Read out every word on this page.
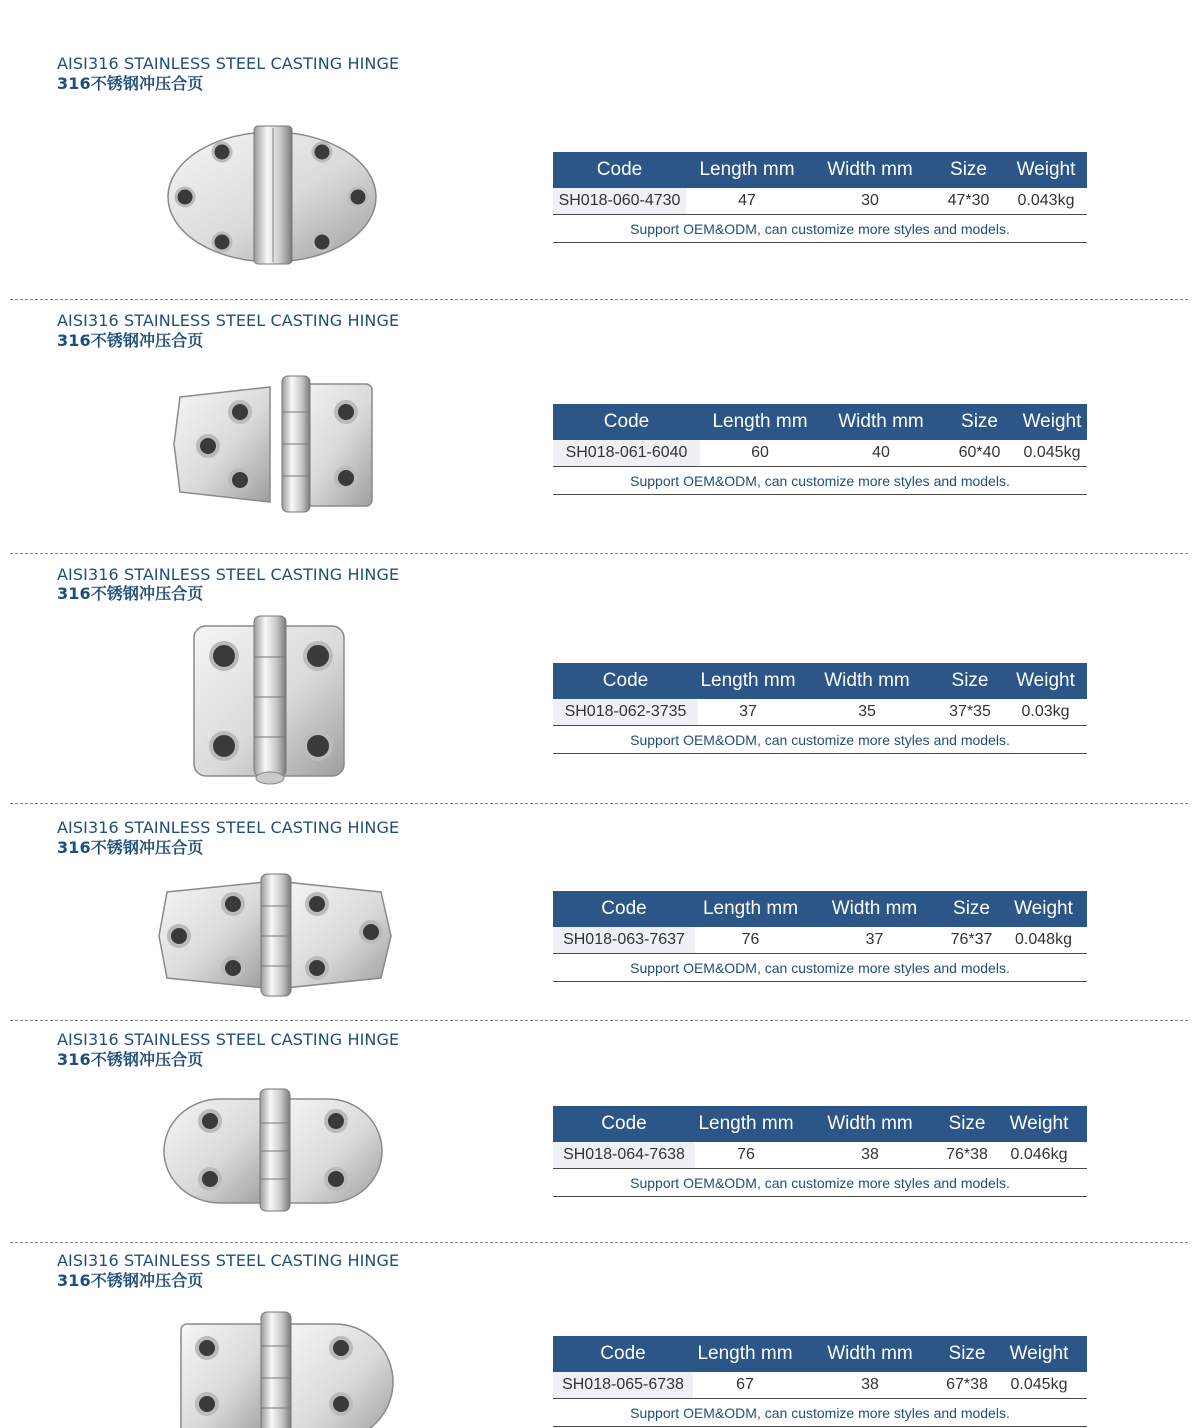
AISI316 STAINLESS STEEL CASTING HINGE
316不锈钢冲压合页
Code	Length mm	Width mm	Size	Weight
SH018-060-4730	47	30	47*30	0.043kg
Support OEM&ODM, can customize more styles and models.				
AISI316 STAINLESS STEEL CASTING HINGE
316不锈钢冲压合页
Code	Length mm	Width mm	Size	Weight
SH018-061-6040	60	40	60*40	0.045kg
Support OEM&ODM, can customize more styles and models.				
AISI316 STAINLESS STEEL CASTING HINGE
316不锈钢冲压合页
Code	Length mm	Width mm	Size	Weight
SH018-062-3735	37	35	37*35	0.03kg
Support OEM&ODM, can customize more styles and models.				
AISI316 STAINLESS STEEL CASTING HINGE
316不锈钢冲压合页
Code	Length mm	Width mm	Size	Weight
SH018-063-7637	76	37	76*37	0.048kg
Support OEM&ODM, can customize more styles and models.				
AISI316 STAINLESS STEEL CASTING HINGE
316不锈钢冲压合页
Code	Length mm	Width mm	Size	Weight
SH018-064-7638	76	38	76*38	0.046kg
Support OEM&ODM, can customize more styles and models.				
AISI316 STAINLESS STEEL CASTING HINGE
316不锈钢冲压合页
Code	Length mm	Width mm	Size	Weight
SH018-065-6738	67	38	67*38	0.045kg
Support OEM&ODM, can customize more styles and models.				
